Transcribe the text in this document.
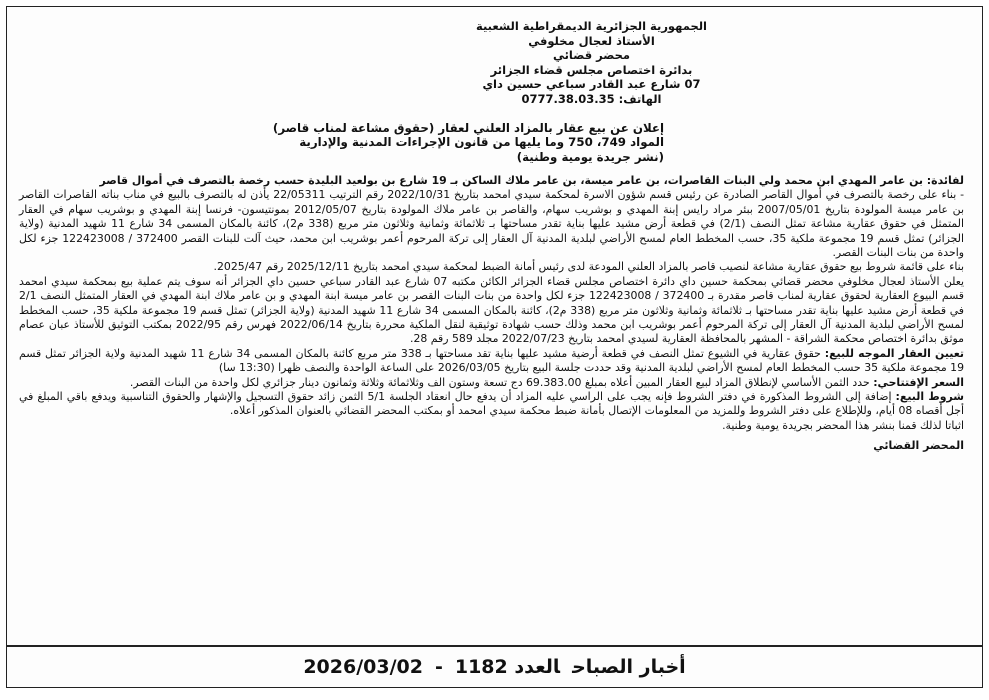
الجمهورية الجزائرية الديمقراطية الشعبية
الأستاذ لعجال مخلوفي
محضر قضائي
بدائرة اختصاص مجلس قضاء الجزائر
07 شارع عبد القادر سباعي حسين داي
الهاتف: 0777.38.03.35
إعلان عن بيع عقار بالمزاد العلني لعقار (حقوق مشاعة لمناب قاصر)
المواد 749، 750 وما يليها من قانون الإجراءات المدنية والإدارية
(نشر جريدة يومية وطنية)

لفائدة: بن عامر المهدي ابن محمد ولي البنات القاصرات، بن عامر ميسة، بن عامر ملاك الساكن بـ 19 شارع بن بولعيد البليدة حسب رخصة بالتصرف في أموال قاصر

- بناء على رخصة بالتصرف في أموال القاصر الصادرة عن رئيس قسم شؤون الاسرة لمحكمة سيدي امحمد بتاريخ 2022/10/31 رقم الترتيب 22/05311 يأذن له بالتصرف بالبيع في مناب بناته القاصرات القاصر بن عامر ميسة المولودة بتاريخ 2007/05/01 ببئر مراد رايس إبنة المهدي و بوشريب سهام، والقاصر بن عامر ملاك المولودة بتاريخ 2012/05/07 بمونتيسون- فرنسا إبنة المهدي و بوشريب سهام في العقار المتمثل في حقوق عقارية مشاعة تمثل النصف (2/1) في قطعة أرض مشيد عليها بناية تقدر مساحتها بـ ثلاثمائة وثمانية وثلاثون متر مربع (338 م2)، كائنة بالمكان المسمى 34 شارع 11 شهيد المدنية (ولاية الجزائر) تمثل قسم 19 مجموعة ملكية 35، حسب المخطط العام لمسح الأراضي لبلدية المدنية آل العقار إلى تركة المرحوم أعمر بوشريب ابن محمد، حيث آلت للبنات القصر 372400 / 122423008 جزء لكل واحدة من بنات البنات القصر.

بناء على قائمة شروط بيع حقوق عقارية مشاعة لنصيب قاصر بالمزاد العلني المودعة لدى رئيس أمانة الضبط لمحكمة سيدي امحمد بتاريخ 2025/12/11 رقم 2025/47.

يعلن الأستاذ لعجال مخلوفي محضر قضائي بمحكمة حسين داي دائرة اختصاص مجلس قضاء الجزائر الكائن مكتبه 07 شارع عبد القادر سباعي حسين داي الجزائر أنه سوف يتم عملية بيع بمحكمة سيدي امحمد قسم البيوع العقارية لحقوق عقارية لمناب قاصر مقدرة بـ 372400 / 122423008 جزء لكل واحدة من بنات البنات القصر بن عامر ميسة ابنة المهدي و بن عامر ملاك ابنة المهدي في العقار المتمثل النصف 2/1 في قطعة أرض مشيد عليها بناية تقدر مساحتها بـ ثلاثمائة وثمانية وثلاثون متر مربع (338 م2)، كائنة بالمكان المسمى 34 شارع 11 شهيد المدنية (ولاية الجزائر) تمثل قسم 19 مجموعة ملكية 35، حسب المخطط لمسح الأراضي لبلدية المدنية آل العقار إلى تركة المرحوم أعمر بوشريب ابن محمد وذلك حسب شهادة توثيقية لنقل الملكية محررة بتاريخ 2022/06/14 فهرس رقم 2022/95 بمكتب التوثيق للأستاذ عبان عصام موثق بدائرة اختصاص محكمة الشراقة - المشهر بالمحافظة العقارية لسيدي امحمد بتاريخ 2022/07/23 مجلد 589 رقم 28.

تعيين العقار الموجه للبيع: حقوق عقارية في الشيوع تمثل النصف في قطعة أرضية مشيد عليها بناية تقد مساحتها بـ 338 متر مربع كائنة بالمكان المسمى 34 شارع 11 شهيد المدنية ولاية الجزائر تمثل قسم 19 مجموعة ملكية 35 حسب المخطط العام لمسح الأراضي لبلدية المدنية وقد حددت جلسة البيع بتاريخ 2026/03/05 على الساعة الواحدة والنصف ظهرا (13:30 سا)

السعر الإفتتاحي: حدد الثمن الأساسي لإنطلاق المزاد لبيع العقار المبين أعلاه بمبلغ 69.383.00 دج تسعة وستون الف وثلاثمائة وثلاثة وثمانون دينار جزائري لكل واحدة من البنات القصر.

شروط البيع: إضافة إلى الشروط المذكورة في دفتر الشروط فإنه يجب على الراسي عليه المزاد أن يدفع حال انعقاد الجلسة 5/1 الثمن زائد حقوق التسجيل والإشهار والحقوق التناسبية ويدفع باقي المبلغ في أجل أقصاه 08 أيام، وللإطلاع على دفتر الشروط وللمزيد من المعلومات الإتصال بأمانة ضبط محكمة سيدي امحمد أو بمكتب المحضر القضائي بالعنوان المذكور أعلاه.

اثباتا لذلك قمنا بنشر هذا المحضر بجريدة يومية وطنية.

المحضر القضائي
أخبار الصباحالعدد 1182-2026/03/02
